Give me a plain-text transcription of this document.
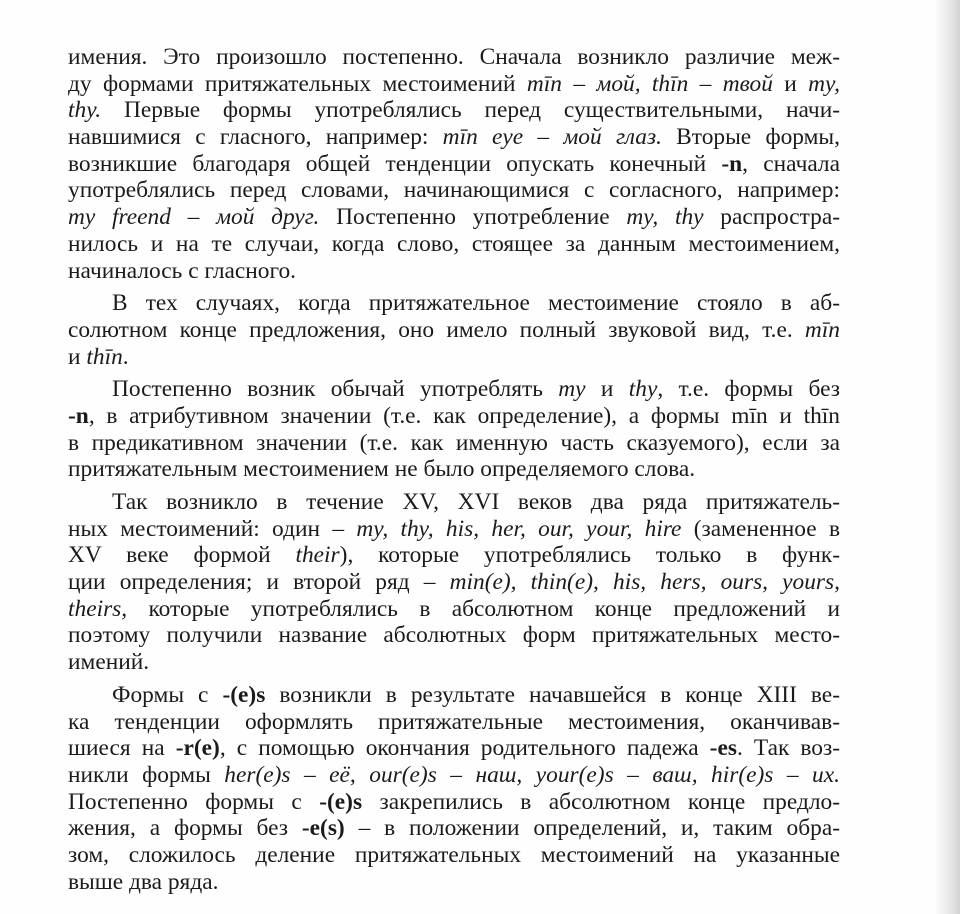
имения. Это произошло постепенно. Сначала возникло различие меж-
ду формами притяжательных местоимений mīn – мой, thīn – твой и my,
thy. Первые формы употреблялись перед существительными, начи-
навшимися с гласного, например: mīn eye – мой глаз. Вторые формы,
возникшие благодаря общей тенденции опускать конечный -n, сначала
употреблялись перед словами, начинающимися с согласного, например:
my freend – мой друг. Постепенно употребление my, thy распростра-
нилось и на те случаи, когда слово, стоящее за данным местоимением,
начиналось с гласного.
В тех случаях, когда притяжательное местоимение стояло в аб-
солютном конце предложения, оно имело полный звуковой вид, т.е. mīn
и thīn.
Постепенно возник обычай употреблять my и thy, т.е. формы без
-n, в атрибутивном значении (т.е. как определение), а формы mīn и thīn
в предикативном значении (т.е. как именную часть сказуемого), если за
притяжательным местоимением не было определяемого слова.
Так возникло в течение XV, XVI веков два ряда притяжатель-
ных местоимений: один – my, thy, his, her, our, your, hire (замененное в
XV веке формой their), которые употреблялись только в функ-
ции определения; и второй ряд – min(e), thin(e), his, hers, ours, yours,
theirs, которые употреблялись в абсолютном конце предложений и
поэтому получили название абсолютных форм притяжательных место-
имений.
Формы с -(e)s возникли в результате начавшейся в конце XIII ве-
ка тенденции оформлять притяжательные местоимения, оканчивав-
шиеся на -r(e), с помощью окончания родительного падежа -es. Так воз-
никли формы her(e)s – её, our(e)s – наш, your(e)s – ваш, hir(e)s – их.
Постепенно формы с -(e)s закрепились в абсолютном конце предло-
жения, а формы без -e(s) – в положении определений, и, таким обра-
зом, сложилось деление притяжательных местоимений на указанные
выше два ряда.
